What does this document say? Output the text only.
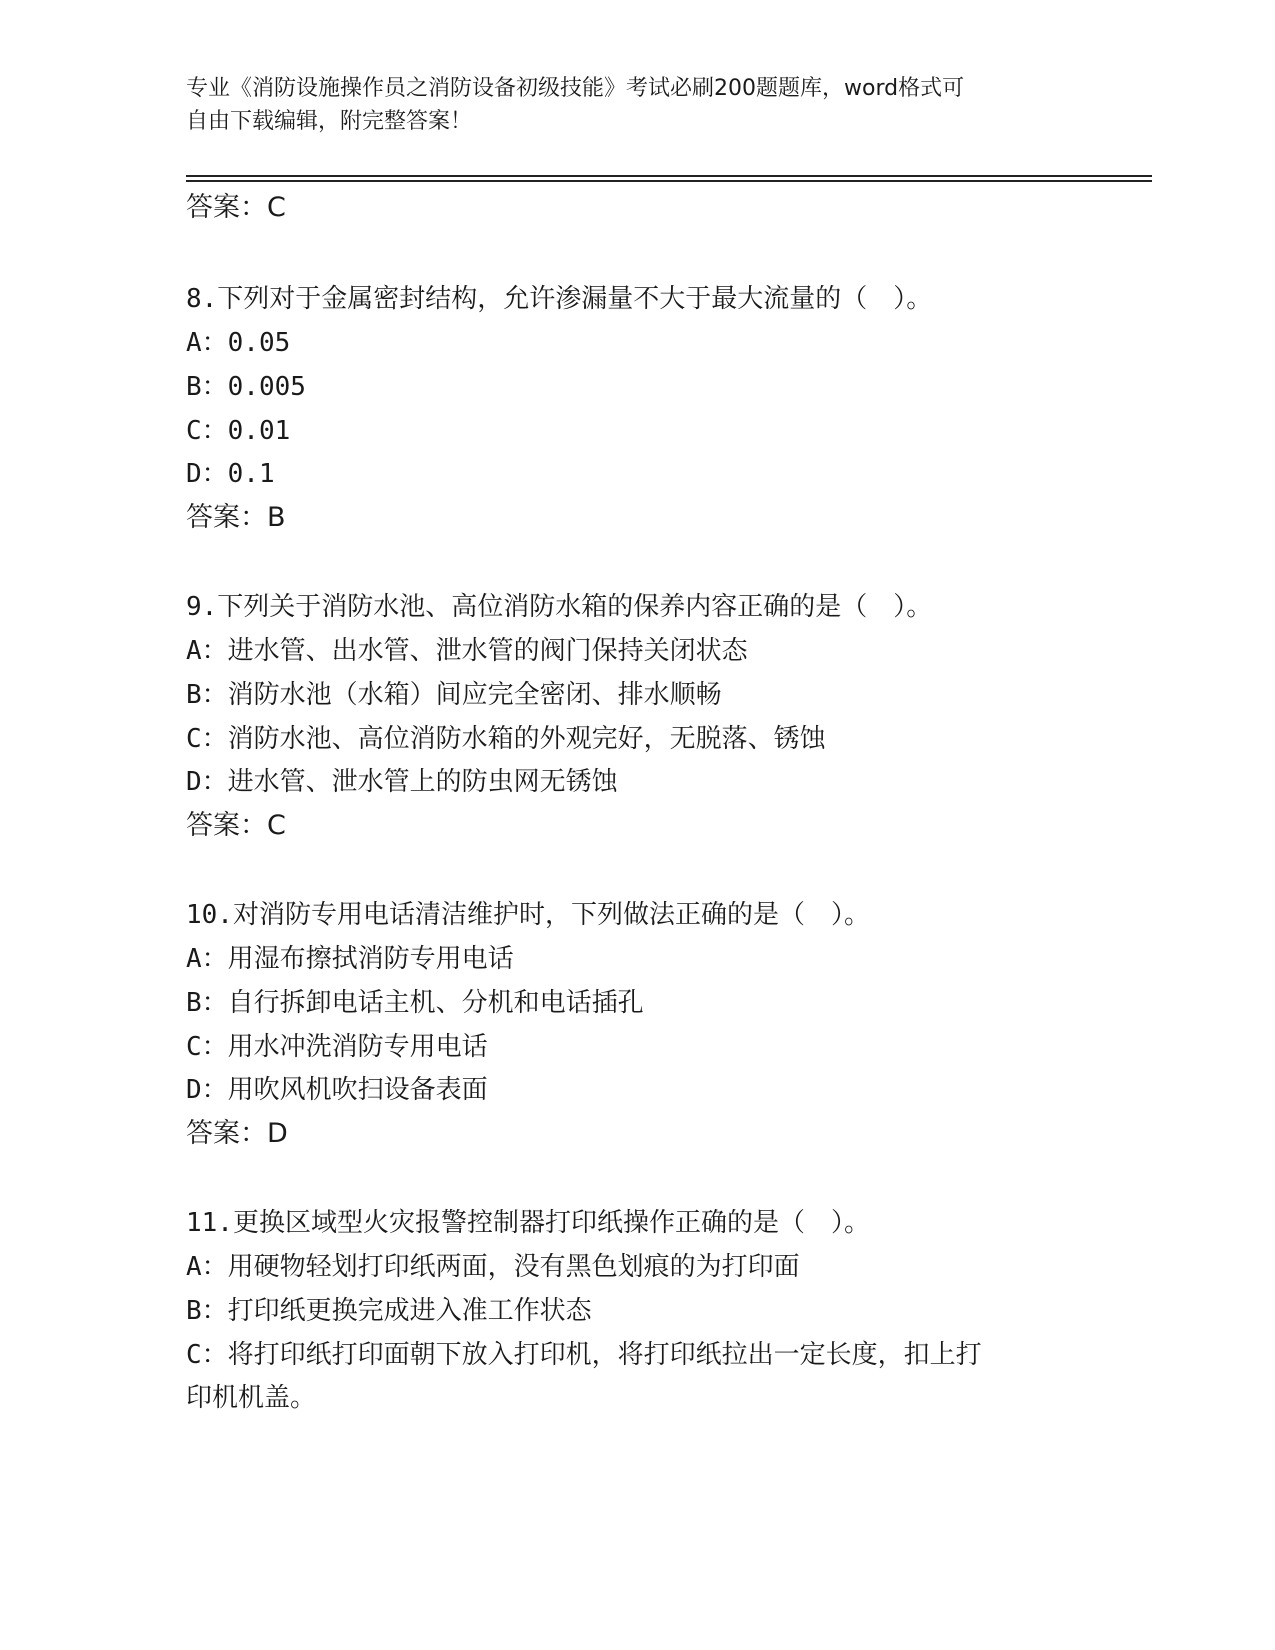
专业《消防设施操作员之消防设备初级技能》考试必刷200题题库，word格式可
自由下载编辑，附完整答案！
答案：C
8.下列对于金属密封结构，允许渗漏量不大于最大流量的（　）。
A：0.05
B：0.005
C：0.01
D：0.1
答案：B
9.下列关于消防水池、高位消防水箱的保养内容正确的是（　）。
A：进水管、出水管、泄水管的阀门保持关闭状态
B：消防水池（水箱）间应完全密闭、排水顺畅
C：消防水池、高位消防水箱的外观完好，无脱落、锈蚀
D：进水管、泄水管上的防虫网无锈蚀
答案：C
10.对消防专用电话清洁维护时，下列做法正确的是（　）。
A：用湿布擦拭消防专用电话
B：自行拆卸电话主机、分机和电话插孔
C：用水冲洗消防专用电话
D：用吹风机吹扫设备表面
答案：D
11.更换区域型火灾报警控制器打印纸操作正确的是（　）。
A：用硬物轻划打印纸两面，没有黑色划痕的为打印面
B：打印纸更换完成进入准工作状态
C：将打印纸打印面朝下放入打印机，将打印纸拉出一定长度，扣上打
印机机盖。
